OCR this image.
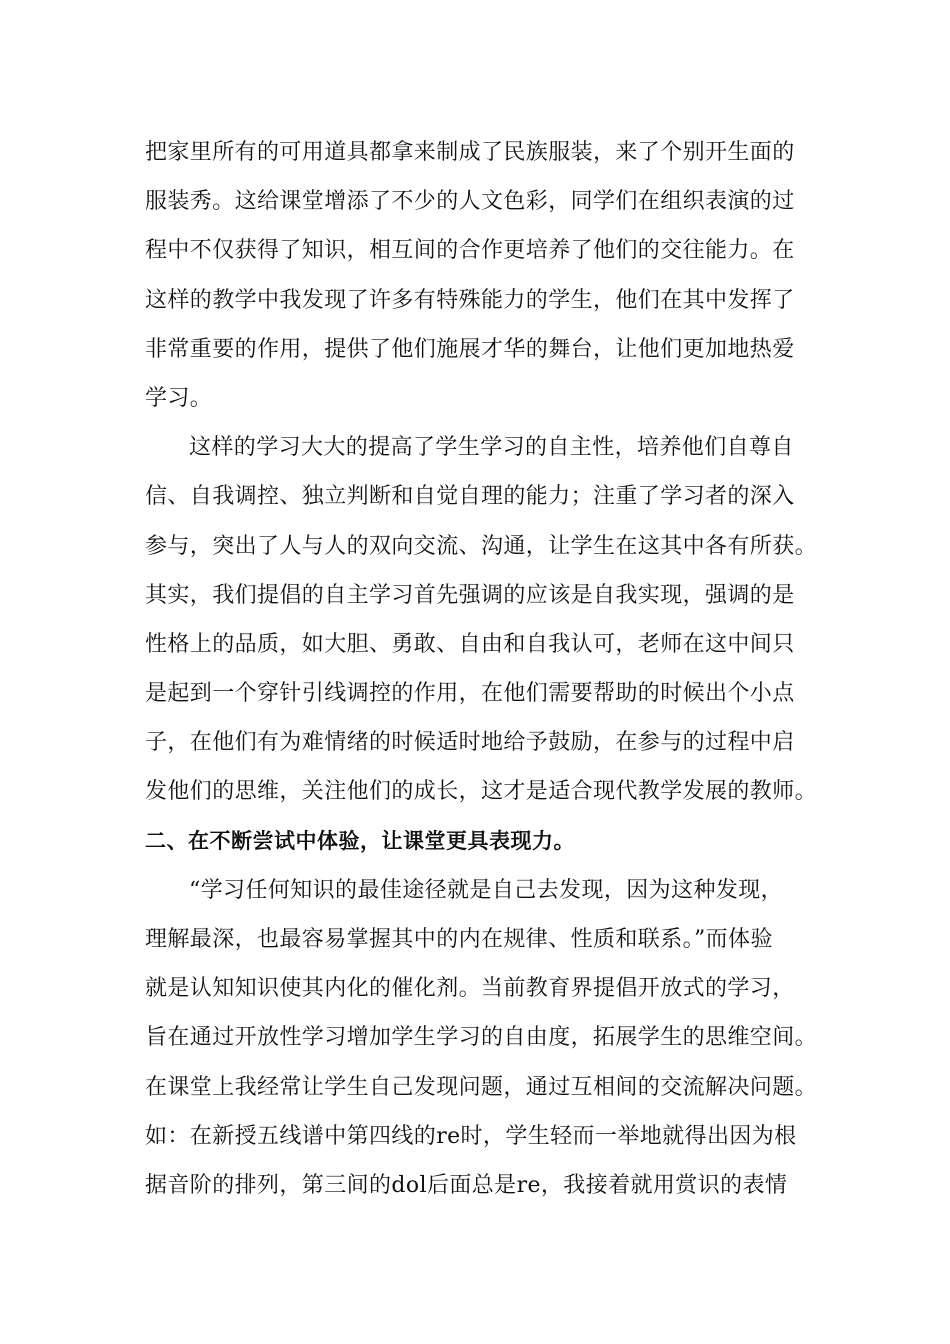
把家里所有的可用道具都拿来制成了民族服装，来了个别开生面的
服装秀。这给课堂增添了不少的人文色彩，同学们在组织表演的过
程中不仅获得了知识，相互间的合作更培养了他们的交往能力。在
这样的教学中我发现了许多有特殊能力的学生，他们在其中发挥了
非常重要的作用，提供了他们施展才华的舞台，让他们更加地热爱
学习。
这样的学习大大的提高了学生学习的自主性，培养他们自尊自
信、自我调控、独立判断和自觉自理的能力；注重了学习者的深入
参与，突出了人与人的双向交流、沟通，让学生在这其中各有所获。
其实，我们提倡的自主学习首先强调的应该是自我实现，强调的是
性格上的品质，如大胆、勇敢、自由和自我认可，老师在这中间只
是起到一个穿针引线调控的作用，在他们需要帮助的时候出个小点
子，在他们有为难情绪的时候适时地给予鼓励，在参与的过程中启
发他们的思维，关注他们的成长，这才是适合现代教学发展的教师。
二、在不断尝试中体验，让课堂更具表现力。
“学习任何知识的最佳途径就是自己去发现，因为这种发现，
理解最深，也最容易掌握其中的内在规律、性质和联系。”而体验
就是认知知识使其内化的催化剂。当前教育界提倡开放式的学习，
旨在通过开放性学习增加学生学习的自由度，拓展学生的思维空间。
在课堂上我经常让学生自己发现问题，通过互相间的交流解决问题。
如：在新授五线谱中第四线的re时，学生轻而一举地就得出因为根
据音阶的排列，第三间的dol后面总是re，我接着就用赏识的表情
